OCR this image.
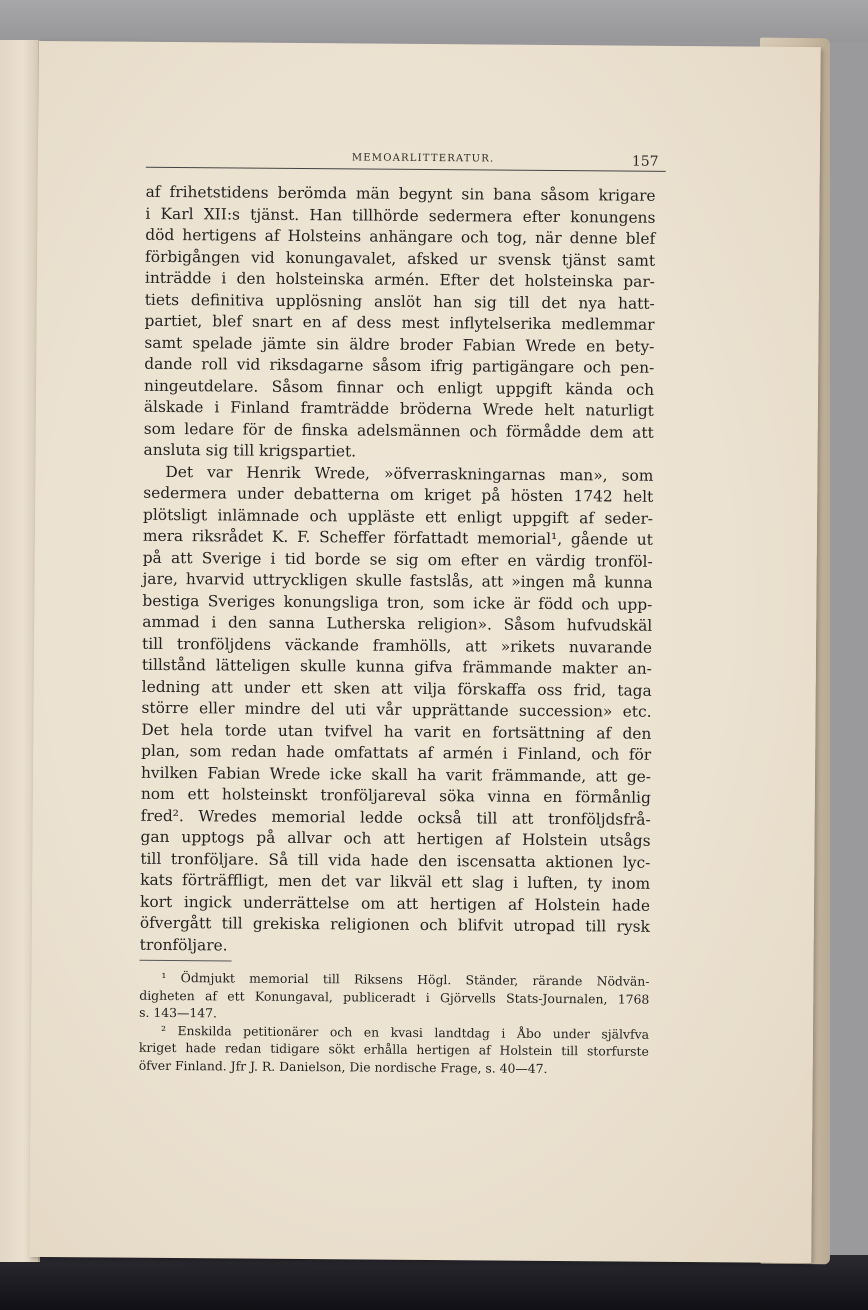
MEMOARLITTERATUR.	157
af frihetstidens berömda män begynt sin bana såsom krigare
i Karl XII:s tjänst. Han tillhörde sedermera efter konungens
död hertigens af Holsteins anhängare och tog, när denne blef
förbigången vid konungavalet, afsked ur svensk tjänst samt
inträdde i den holsteinska armén. Efter det holsteinska par-
tiets definitiva upplösning anslöt han sig till det nya hatt-
partiet, blef snart en af dess mest inflytelserika medlemmar
samt spelade jämte sin äldre broder Fabian Wrede en bety-
dande roll vid riksdagarne såsom ifrig partigängare och pen-
ningeutdelare. Såsom finnar och enligt uppgift kända och
älskade i Finland framträdde bröderna Wrede helt naturligt
som ledare för de finska adelsmännen och förmådde dem att
ansluta sig till krigspartiet.
Det var Henrik Wrede, »öfverraskningarnas man», som
sedermera under debatterna om kriget på hösten 1742 helt
plötsligt inlämnade och uppläste ett enligt uppgift af seder-
mera riksrådet K. F. Scheffer författadt memorial¹, gående ut
på att Sverige i tid borde se sig om efter en värdig tronföl-
jare, hvarvid uttryckligen skulle fastslås, att »ingen må kunna
bestiga Sveriges konungsliga tron, som icke är född och upp-
ammad i den sanna Lutherska religion». Såsom hufvudskäl
till tronföljdens väckande framhölls, att »rikets nuvarande
tillstånd lätteligen skulle kunna gifva främmande makter an-
ledning att under ett sken att vilja förskaffa oss frid, taga
större eller mindre del uti vår upprättande succession» etc.
Det hela torde utan tvifvel ha varit en fortsättning af den
plan, som redan hade omfattats af armén i Finland, och för
hvilken Fabian Wrede icke skall ha varit främmande, att ge-
nom ett holsteinskt tronföljareval söka vinna en förmånlig
fred². Wredes memorial ledde också till att tronföljdsfrå-
gan upptogs på allvar och att hertigen af Holstein utsågs
till tronföljare. Så till vida hade den iscensatta aktionen lyc-
kats förträffligt, men det var likväl ett slag i luften, ty inom
kort ingick underrättelse om att hertigen af Holstein hade
öfvergått till grekiska religionen och blifvit utropad till rysk
tronföljare.
¹ Ödmjukt memorial till Riksens Högl. Ständer, rärande Nödvän-
digheten af ett Konungaval, publiceradt i Gjörvells Stats-Journalen, 1768
s. 143—147.
² Enskilda petitionärer och en kvasi landtdag i Åbo under självfva
kriget hade redan tidigare sökt erhålla hertigen af Holstein till storfurste
öfver Finland. Jfr J. R. Danielson, Die nordische Frage, s. 40—47.
